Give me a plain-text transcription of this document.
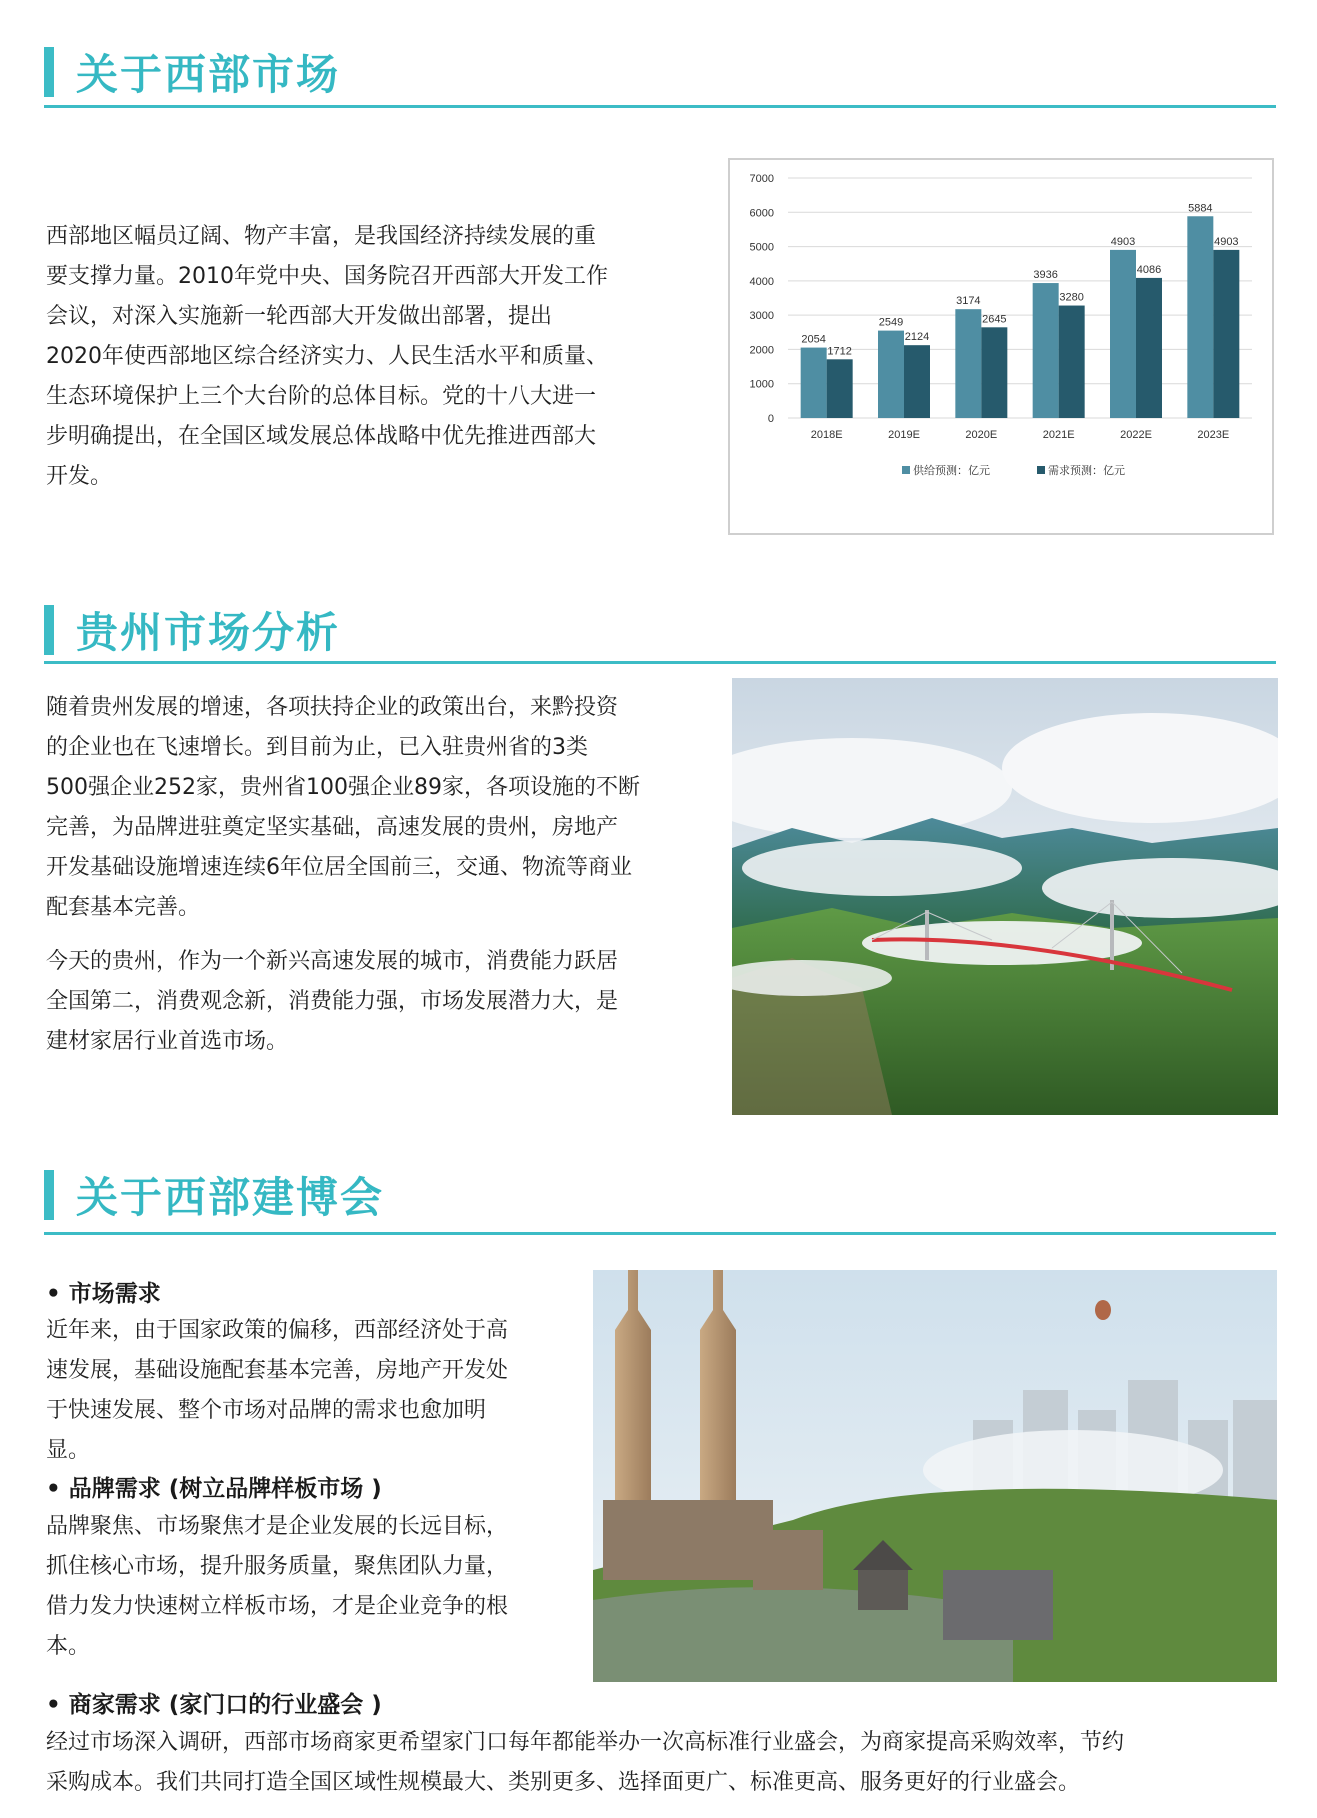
关于西部市场
西部地区幅员辽阔、物产丰富，是我国经济持续发展的重
要支撑力量。2010年党中央、国务院召开西部大开发工作
会议，对深入实施新一轮西部大开发做出部署，提出
2020年使西部地区综合经济实力、人民生活水平和质量、
生态环境保护上三个大台阶的总体目标。党的十八大进一
步明确提出，在全国区域发展总体战略中优先推进西部大
开发。
0
1000
2000
3000
4000
5000
6000
7000
2054
1712
2018E
2549
2124
2019E
3174
2645
2020E
3936
3280
2021E
4903
4086
2022E
5884
4903
2023E
供给预测：亿元	需求预测：亿元
贵州市场分析
随着贵州发展的增速，各项扶持企业的政策出台，来黔投资
的企业也在飞速增长。到目前为止，已入驻贵州省的3类
500强企业252家，贵州省100强企业89家，各项设施的不断
完善，为品牌进驻奠定坚实基础，高速发展的贵州，房地产
开发基础设施增速连续6年位居全国前三，交通、物流等商业
配套基本完善。
今天的贵州，作为一个新兴高速发展的城市，消费能力跃居
全国第二，消费观念新，消费能力强，市场发展潜力大，是
建材家居行业首选市场。
关于西部建博会
• 市场需求
近年来，由于国家政策的偏移，西部经济处于高
速发展，基础设施配套基本完善，房地产开发处
于快速发展、整个市场对品牌的需求也愈加明
显。
• 品牌需求 (树立品牌样板市场 )
品牌聚焦、市场聚焦才是企业发展的长远目标，
抓住核心市场，提升服务质量，聚焦团队力量，
借力发力快速树立样板市场，才是企业竞争的根
本。
• 商家需求 (家门口的行业盛会 )
经过市场深入调研，西部市场商家更希望家门口每年都能举办一次高标准行业盛会，为商家提高采购效率，节约
采购成本。我们共同打造全国区域性规模最大、类别更多、选择面更广、标准更高、服务更好的行业盛会。
